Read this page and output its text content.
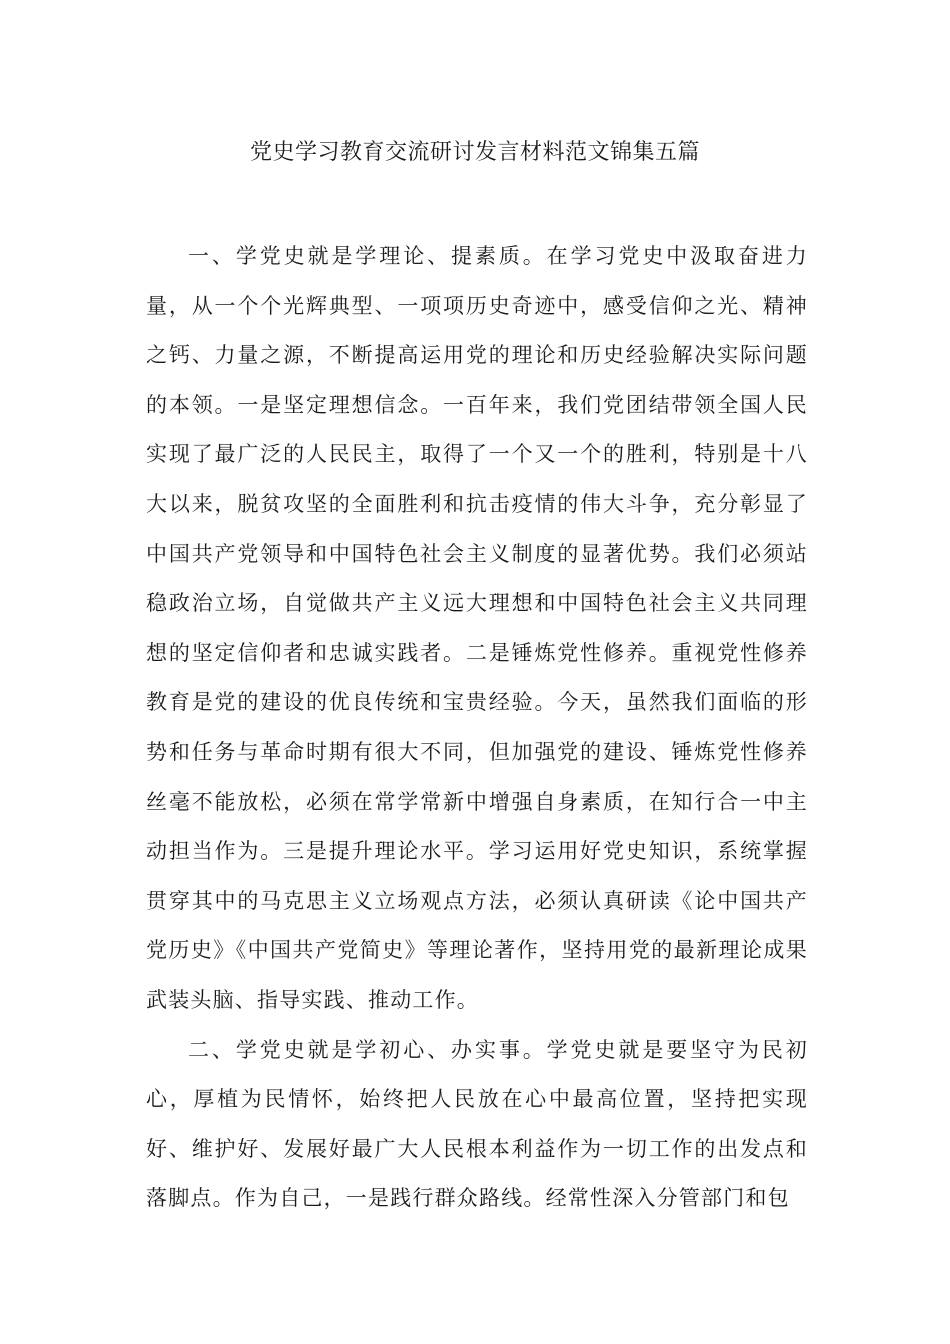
党史学习教育交流研讨发言材料范文锦集五篇

一、学党史就是学理论、提素质。在学习党史中汲取奋进力量，从一个个光辉典型、一项项历史奇迹中，感受信仰之光、精神之钙、力量之源，不断提高运用党的理论和历史经验解决实际问题的本领。一是坚定理想信念。一百年来，我们党团结带领全国人民实现了最广泛的人民民主，取得了一个又一个的胜利，特别是十八大以来，脱贫攻坚的全面胜利和抗击疫情的伟大斗争，充分彰显了中国共产党领导和中国特色社会主义制度的显著优势。我们必须站稳政治立场，自觉做共产主义远大理想和中国特色社会主义共同理想的坚定信仰者和忠诚实践者。二是锤炼党性修养。重视党性修养教育是党的建设的优良传统和宝贵经验。今天，虽然我们面临的形势和任务与革命时期有很大不同，但加强党的建设、锤炼党性修养丝毫不能放松，必须在常学常新中增强自身素质，在知行合一中主动担当作为。三是提升理论水平。学习运用好党史知识，系统掌握贯穿其中的马克思主义立场观点方法，必须认真研读《论中国共产党历史》《中国共产党简史》等理论著作，坚持用党的最新理论成果武装头脑、指导实践、推动工作。

二、学党史就是学初心、办实事。学党史就是要坚守为民初心，厚植为民情怀，始终把人民放在心中最高位置，坚持把实现好、维护好、发展好最广大人民根本利益作为一切工作的出发点和落脚点。作为自己，一是践行群众路线。经常性深入分管部门和包
